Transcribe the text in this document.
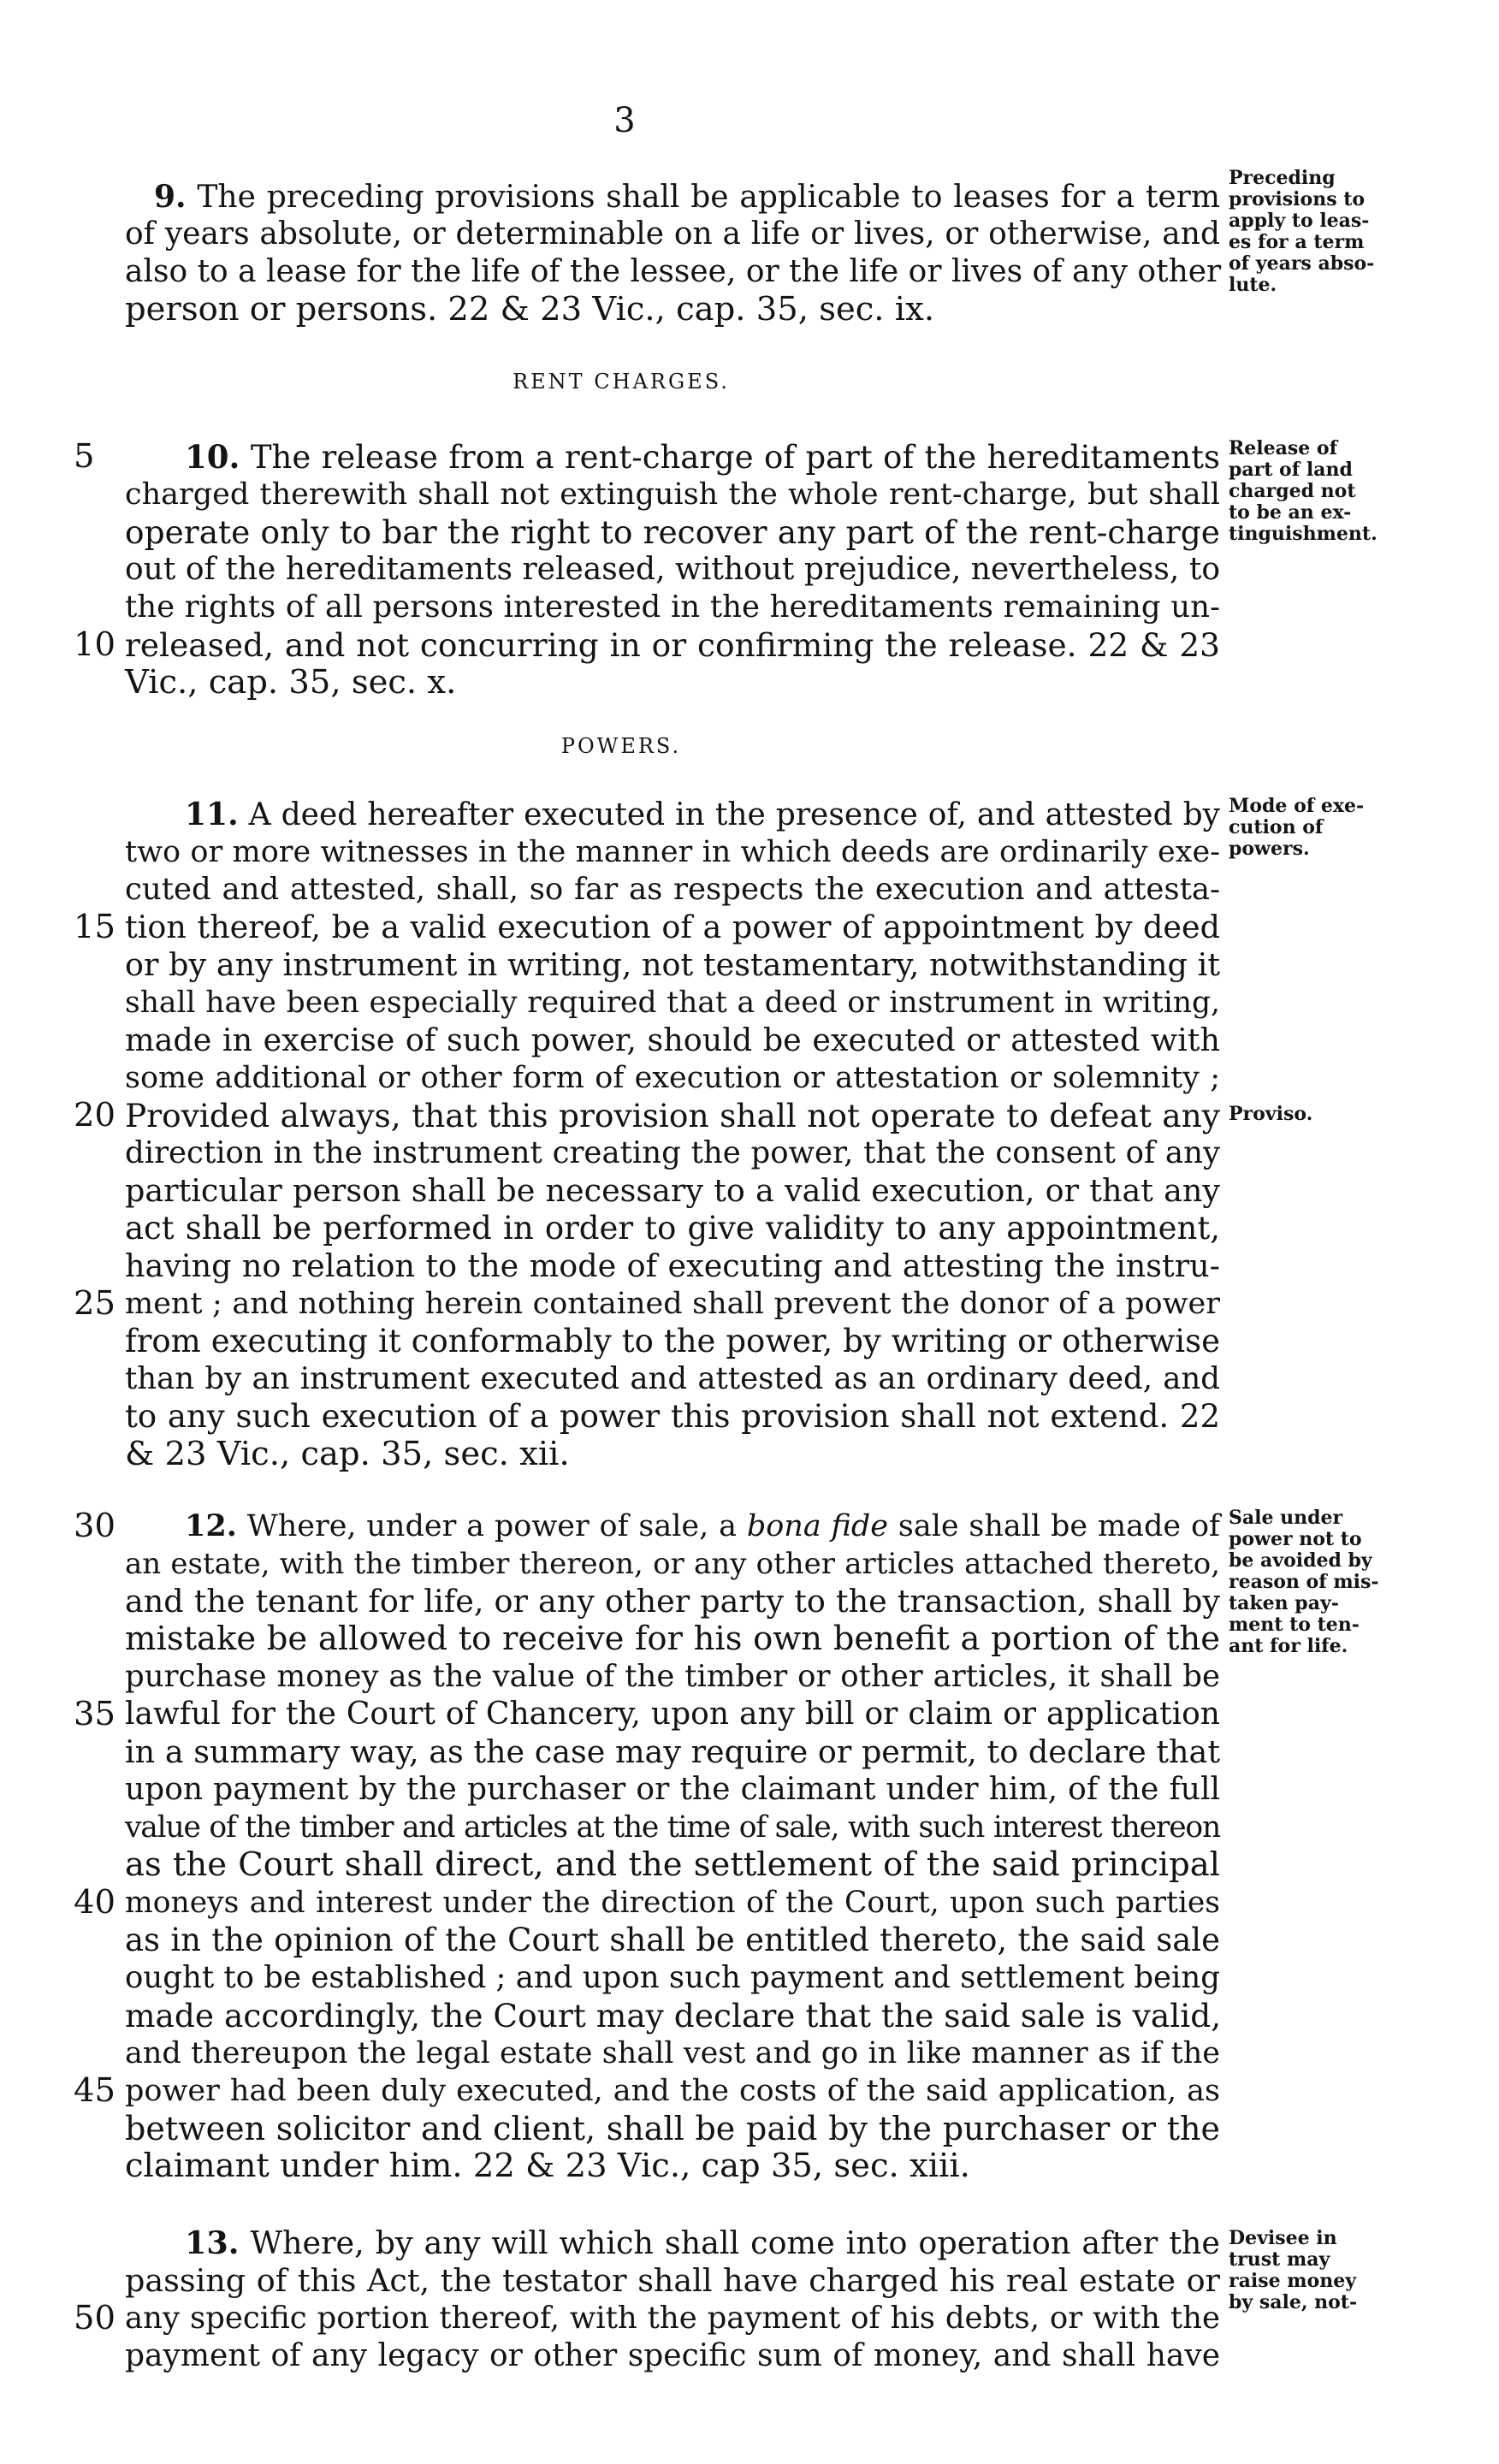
3
9. The preceding provisions shall be applicable to leases for a term
of years absolute, or determinable on a life or lives, or otherwise, and
also to a lease for the life of the lessee, or the life or lives of any other
person or persons. 22 & 23 Vic., cap. 35, sec. ix.
Preceding
provisions to
apply to leas-
es for a term
of years abso-
lute.
RENT CHARGES.
5	10. The release from a rent-charge of part of the hereditaments
charged therewith shall not extinguish the whole rent-charge, but shall
operate only to bar the right to recover any part of the rent-charge
out of the hereditaments released, without prejudice, nevertheless, to
the rights of all persons interested in the hereditaments remaining un-
10 released, and not concurring in or confirming the release. 22 & 23
Vic., cap. 35, sec. x.
Release of
part of land
charged not
to be an ex-
tinguishment.
POWERS.
11. A deed hereafter executed in the presence of, and attested by
two or more witnesses in the manner in which deeds are ordinarily exe-
cuted and attested, shall, so far as respects the execution and attesta-
15 tion thereof, be a valid execution of a power of appointment by deed
or by any instrument in writing, not testamentary, notwithstanding it
shall have been especially required that a deed or instrument in writing,
made in exercise of such power, should be executed or attested with
some additional or other form of execution or attestation or solemnity ;
20 Provided always, that this provision shall not operate to defeat any
direction in the instrument creating the power, that the consent of any
particular person shall be necessary to a valid execution, or that any
act shall be performed in order to give validity to any appointment,
having no relation to the mode of executing and attesting the instru-
25 ment ; and nothing herein contained shall prevent the donor of a power
from executing it conformably to the power, by writing or otherwise
than by an instrument executed and attested as an ordinary deed, and
to any such execution of a power this provision shall not extend. 22
& 23 Vic., cap. 35, sec. xii.
Mode of exe-
cution of
powers.
Proviso.
30 12. Where, under a power of sale, a bona fide sale shall be made of
an estate, with the timber thereon, or any other articles attached thereto,
and the tenant for life, or any other party to the transaction, shall by
mistake be allowed to receive for his own benefit a portion of the
purchase money as the value of the timber or other articles, it shall be
35 lawful for the Court of Chancery, upon any bill or claim or application
in a summary way, as the case may require or permit, to declare that
upon payment by the purchaser or the claimant under him, of the full
value of the timber and articles at the time of sale, with such interest thereon
as the Court shall direct, and the settlement of the said principal
40 moneys and interest under the direction of the Court, upon such parties
as in the opinion of the Court shall be entitled thereto, the said sale
ought to be established ; and upon such payment and settlement being
made accordingly, the Court may declare that the said sale is valid,
and thereupon the legal estate shall vest and go in like manner as if the
45 power had been duly executed, and the costs of the said application, as
between solicitor and client, shall be paid by the purchaser or the
claimant under him. 22 & 23 Vic., cap 35, sec. xiii.
Sale under
power not to
be avoided by
reason of mis-
taken pay-
ment to ten-
ant for life.
13. Where, by any will which shall come into operation after the
passing of this Act, the testator shall have charged his real estate or
50 any specific portion thereof, with the payment of his debts, or with the
payment of any legacy or other specific sum of money, and shall have
Devisee in
trust may
raise money
by sale, not-
